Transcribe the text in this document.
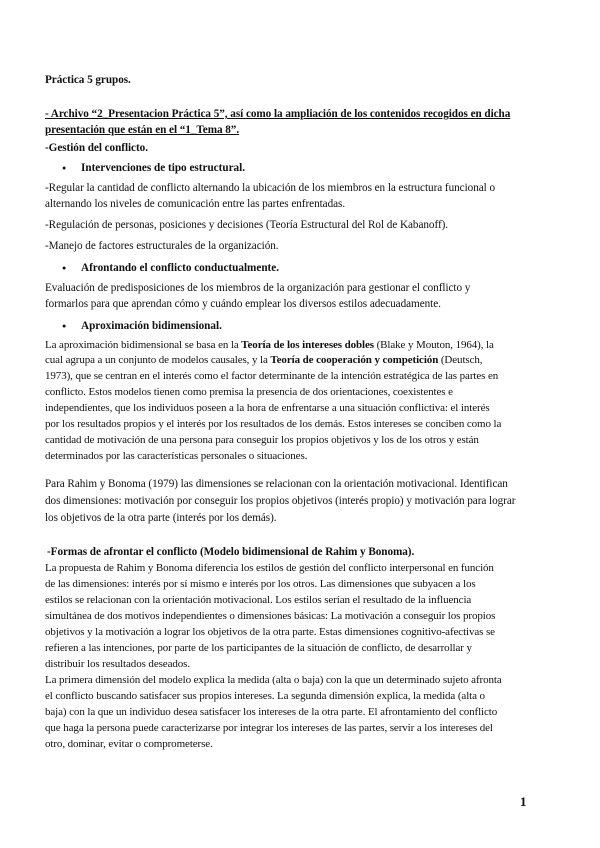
Práctica 5 grupos.
- Archivo “2_Presentacion Práctica 5”, así como la ampliación de los contenidos recogidos en dicha
presentación que están en el “1_Tema 8”.
-Gestión del conflicto.
Intervenciones de tipo estructural.
-Regular la cantidad de conflicto alternando la ubicación de los miembros en la estructura funcional o
alternando los niveles de comunicación entre las partes enfrentadas.
-Regulación de personas, posiciones y decisiones (Teoría Estructural del Rol de Kabanoff).
-Manejo de factores estructurales de la organización.
Afrontando el conflicto conductualmente.
Evaluación de predisposiciones de los miembros de la organización para gestionar el conflicto y
formarlos para que aprendan cómo y cuándo emplear los diversos estilos adecuadamente.
Aproximación bidimensional.
La aproximación bidimensional se basa en la Teoría de los intereses dobles (Blake y Mouton, 1964), la
cual agrupa a un conjunto de modelos causales, y la Teoría de cooperación y competición (Deutsch,
1973), que se centran en el interés como el factor determinante de la intención estratégica de las partes en
conflicto. Estos modelos tienen como premisa la presencia de dos orientaciones, coexistentes e
independientes, que los individuos poseen a la hora de enfrentarse a una situación conflictiva: el interés
por los resultados propios y el interés por los resultados de los demás. Estos intereses se conciben como la
cantidad de motivación de una persona para conseguir los propios objetivos y los de los otros y están
determinados por las características personales o situaciones.
Para Rahim y Bonoma (1979) las dimensiones se relacionan con la orientación motivacional. Identifican
dos dimensiones: motivación por conseguir los propios objetivos (interés propio) y motivación para lograr
los objetivos de la otra parte (interés por los demás).
-Formas de afrontar el conflicto (Modelo bidimensional de Rahim y Bonoma).
La propuesta de Rahim y Bonoma diferencia los estilos de gestión del conflicto interpersonal en función
de las dimensiones: interés por sí mismo e interés por los otros. Las dimensiones que subyacen a los
estilos se relacionan con la orientación motivacional. Los estilos serían el resultado de la influencia
simultánea de dos motivos independientes o dimensiones básicas: La motivación a conseguir los propios
objetivos y la motivación a lograr los objetivos de la otra parte. Estas dimensiones cognitivo-afectivas se
refieren a las intenciones, por parte de los participantes de la situación de conflicto, de desarrollar y
distribuir los resultados deseados.
La primera dimensión del modelo explica la medida (alta o baja) con la que un determinado sujeto afronta
el conflicto buscando satisfacer sus propios intereses. La segunda dimensión explica, la medida (alta o
baja) con la que un individuo desea satisfacer los intereses de la otra parte. El afrontamiento del conflicto
que haga la persona puede caracterizarse por integrar los intereses de las partes, servir a los intereses del
otro, dominar, evitar o comprometerse.
1
